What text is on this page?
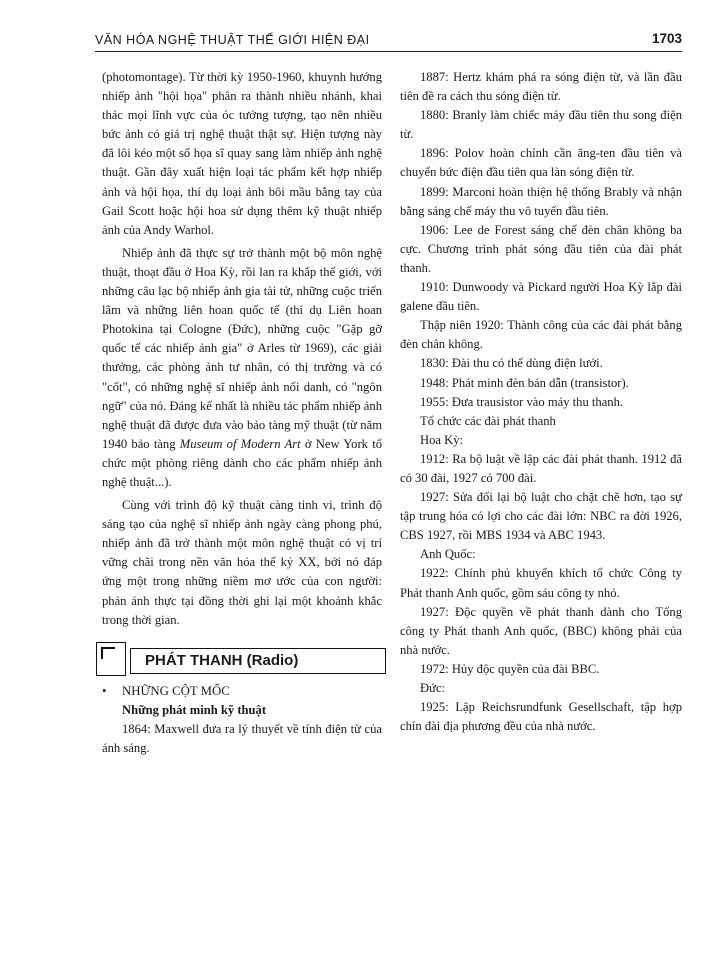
VĂN HÓA NGHỆ THUẬT THẾ GIỚI HIỆN ĐẠI	1703

(photomontage). Từ thời kỳ 1950-1960, khuynh hướng nhiếp ảnh "hội họa" phân ra thành nhiều nhánh, khai thác mọi lĩnh vực của óc tưởng tượng, tạo nên nhiều bức ảnh có giá trị nghệ thuật thật sự. Hiện tượng này đã lôi kéo một số họa sĩ quay sang làm nhiếp ảnh nghệ thuật. Gần đây xuất hiện loại tác phẩm kết hợp nhiếp ảnh và hội họa, thí dụ loại ảnh bôi mầu bằng tay của Gail Scott hoặc hội hoa sử dụng thêm kỹ thuật nhiếp ảnh của Andy Warhol.

Nhiếp ảnh đã thực sự trở thành một bộ môn nghệ thuật, thoạt đầu ở Hoa Kỳ, rồi lan ra khắp thế giới, với những câu lạc bộ nhiếp ảnh gia tài tử, những cuộc triển lãm và những liên hoan quốc tế (thí dụ Liên hoan Photokina tại Cologne (Đức), những cuộc "Gặp gỡ quốc tế các nhiếp ảnh gia" ở Arles từ 1969), các giải thưởng, các phòng ảnh tư nhân, có thị trường và có "cốt", có những nghệ sĩ nhiếp ảnh nổi danh, có "ngôn ngữ" của nó. Đáng kể nhất là nhiều tác phẩm nhiếp ảnh nghệ thuật đã được đưa vào bảo tàng mỹ thuật (từ năm 1940 bảo tàng Museum of Modern Art ở New York tổ chức một phòng riêng dành cho các phẩm nhiếp ảnh nghệ thuật...).

Cùng với trình độ kỹ thuật càng tinh vi, trình độ sáng tạo của nghệ sĩ nhiếp ảnh ngày càng phong phú, nhiếp ảnh đã trở thành một môn nghệ thuật có vị trí vững chãi trong nền văn hóa thế kỷ XX, bởi nó đáp ứng một trong những niềm mơ ước của con người: phản ánh thực tại đồng thời ghi lại một khoảnh khắc trong thời gian.

PHÁT THANH (Radio)

• NHỮNG CỘT MỐC

Những phát minh kỹ thuật

1864: Maxwell đưa ra lý thuyết về tính điện từ của ánh sáng.

1887: Hertz khám phá ra sóng điện từ, và lần đầu tiên đề ra cách thu sóng điện từ.

1880: Branly làm chiếc máy đầu tiên thu song điện từ.

1896: Polov hoàn chỉnh cần ăng-ten đầu tiên và chuyển bức điện đầu tiên qua làn sóng điện từ.

1899: Marconi hoàn thiện hệ thống Brably và nhận bằng sáng chế máy thu vô tuyến đầu tiên.

1906: Lee de Forest sáng chế đèn chân không ba cực. Chương trình phát sóng đầu tiên của đài phát thanh.

1910: Dunwoody và Pickard người Hoa Kỳ lắp đài galene đầu tiên.

Thập niên 1920: Thành công của các đài phát bằng đèn chân không.

1830: Đài thu có thể dùng điện lưới.

1948: Phát minh đèn bán dẫn (transistor).

1955: Đưa trausistor vào máy thu thanh.

Tổ chức các đài phát thanh

Hoa Kỳ:

1912: Ra bộ luật về lập các đài phát thanh. 1912 đã có 30 đài, 1927 có 700 đài.

1927: Sửa đổi lại bộ luật cho chặt chẽ hơn, tạo sự tập trung hóa có lợi cho các đài lớn: NBC ra đời 1926, CBS 1927, rồi MBS 1934 và ABC 1943.

Anh Quốc:

1922: Chính phủ khuyến khích tổ chức Công ty Phát thanh Anh quốc, gồm sáu công ty nhỏ.

1927: Độc quyền về phát thanh dành cho Tổng công ty Phát thanh Anh quốc, (BBC) không phải của nhà nước.

1972: Hủy độc quyền của đài BBC.

Đức:

1925: Lập Reichsrundfunk Gesellschaft, tập hợp chín đài địa phương đều của nhà nước.
